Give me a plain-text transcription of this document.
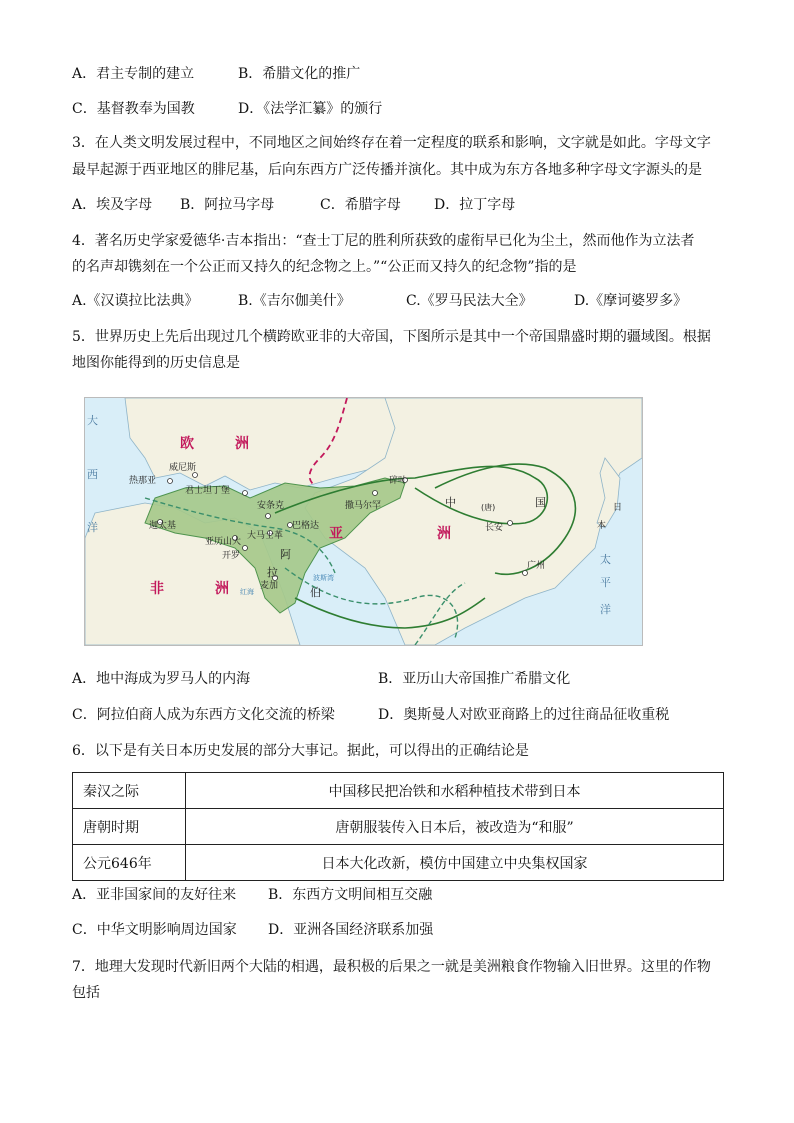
A．君主专制的建立	B．希腊文化的推广
C．基督教奉为国教	D．《法学汇纂》的颁行
3．在人类文明发展过程中，不同地区之间始终存在着一定程度的联系和影响，文字就是如此。字母文字
最早起源于西亚地区的腓尼基，后向东西方广泛传播并演化。其中成为东方各地多种字母文字源头的是
A．埃及字母 B．阿拉马字母	C．希腊字母 D．拉丁字母
4．著名历史学家爱德华·吉本指出：“查士丁尼的胜利所获致的虚衔早已化为尘土，然而他作为立法者
的名声却镌刻在一个公正而又持久的纪念物之上。”“公正而又持久的纪念物”指的是
A.《汉谟拉比法典》	B.《吉尔伽美什》	C.《罗马民法大全》	D.《摩诃婆罗多》
5．世界历史上先后出现过几个横跨欧亚非的大帝国，下图所示是其中一个帝国鼎盛时期的疆域图。根据
地图你能得到的历史信息是
大
西
洋
欧	洲
威尼斯
热那亚
君士坦丁堡
迦太基
安条克
巴格达 亚	洲
撒马尔罕
碎叶
中	(唐)	国
长安
广州
亚历山大
开罗
大马士革
阿
拉
伯
麦加
非	洲 红海
波斯湾
日
本
太
平
洋
A．地中海成为罗马人的内海	B．亚历山大帝国推广希腊文化
C．阿拉伯商人成为东西方文化交流的桥梁	D．奥斯曼人对欧亚商路上的过往商品征收重税
6．以下是有关日本历史发展的部分大事记。据此，可以得出的正确结论是
秦汉之际	中国移民把冶铁和水稻种植技术带到日本
唐朝时期	唐朝服装传入日本后，被改造为“和服”
公元646年	日本大化改新，模仿中国建立中央集权国家
A．亚非国家间的友好往来 B．东西方文明间相互交融
C．中华文明影响周边国家 D．亚洲各国经济联系加强
7．地理大发现时代新旧两个大陆的相遇，最积极的后果之一就是美洲粮食作物输入旧世界。这里的作物
包括
